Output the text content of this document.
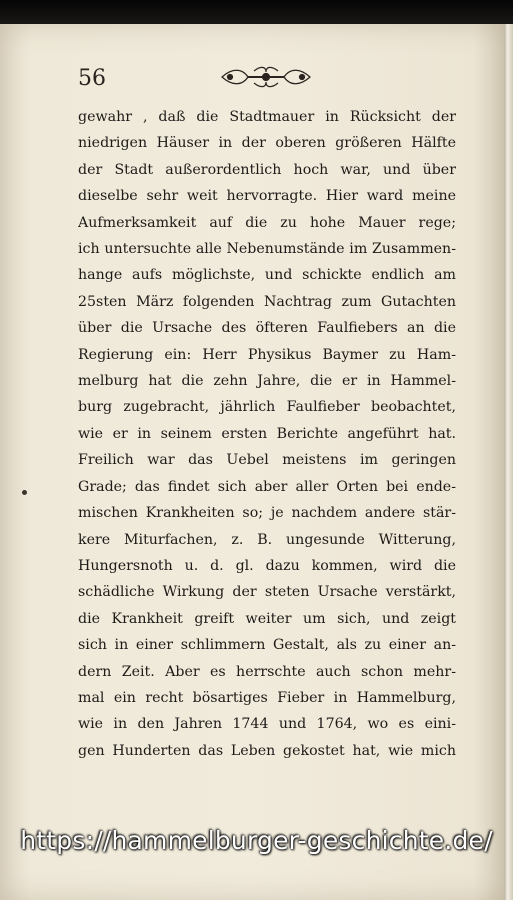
56
gewahr , daß die Stadtmauer in Rücksicht der
niedrigen Häuser in der oberen größeren Hälfte
der Stadt außerordentlich hoch war, und über
dieselbe sehr weit hervorragte. Hier ward meine
Aufmerksamkeit auf die zu hohe Mauer rege;
ich untersuchte alle Nebenumstände im Zusammen-
hange aufs möglichste, und schickte endlich am
25sten März folgenden Nachtrag zum Gutachten
über die Ursache des öfteren Faulfiebers an die
Regierung ein: Herr Physikus Baymer zu Ham-
melburg hat die zehn Jahre, die er in Hammel-
burg zugebracht, jährlich Faulfieber beobachtet,
wie er in seinem ersten Berichte angeführt hat.
Freilich war das Uebel meistens im geringen
Grade; das findet sich aber aller Orten bei ende-
mischen Krankheiten so; je nachdem andere stär-
kere Miturfachen, z. B. ungesunde Witterung,
Hungersnoth u. d. gl. dazu kommen, wird die
schädliche Wirkung der steten Ursache verstärkt,
die Krankheit greift weiter um sich, und zeigt
sich in einer schlimmern Gestalt, als zu einer an-
dern Zeit. Aber es herrschte auch schon mehr-
mal ein recht bösartiges Fieber in Hammelburg,
wie in den Jahren 1744 und 1764, wo es eini-
gen Hunderten das Leben gekostet hat, wie mich
https://hammelburger-geschichte.de/
